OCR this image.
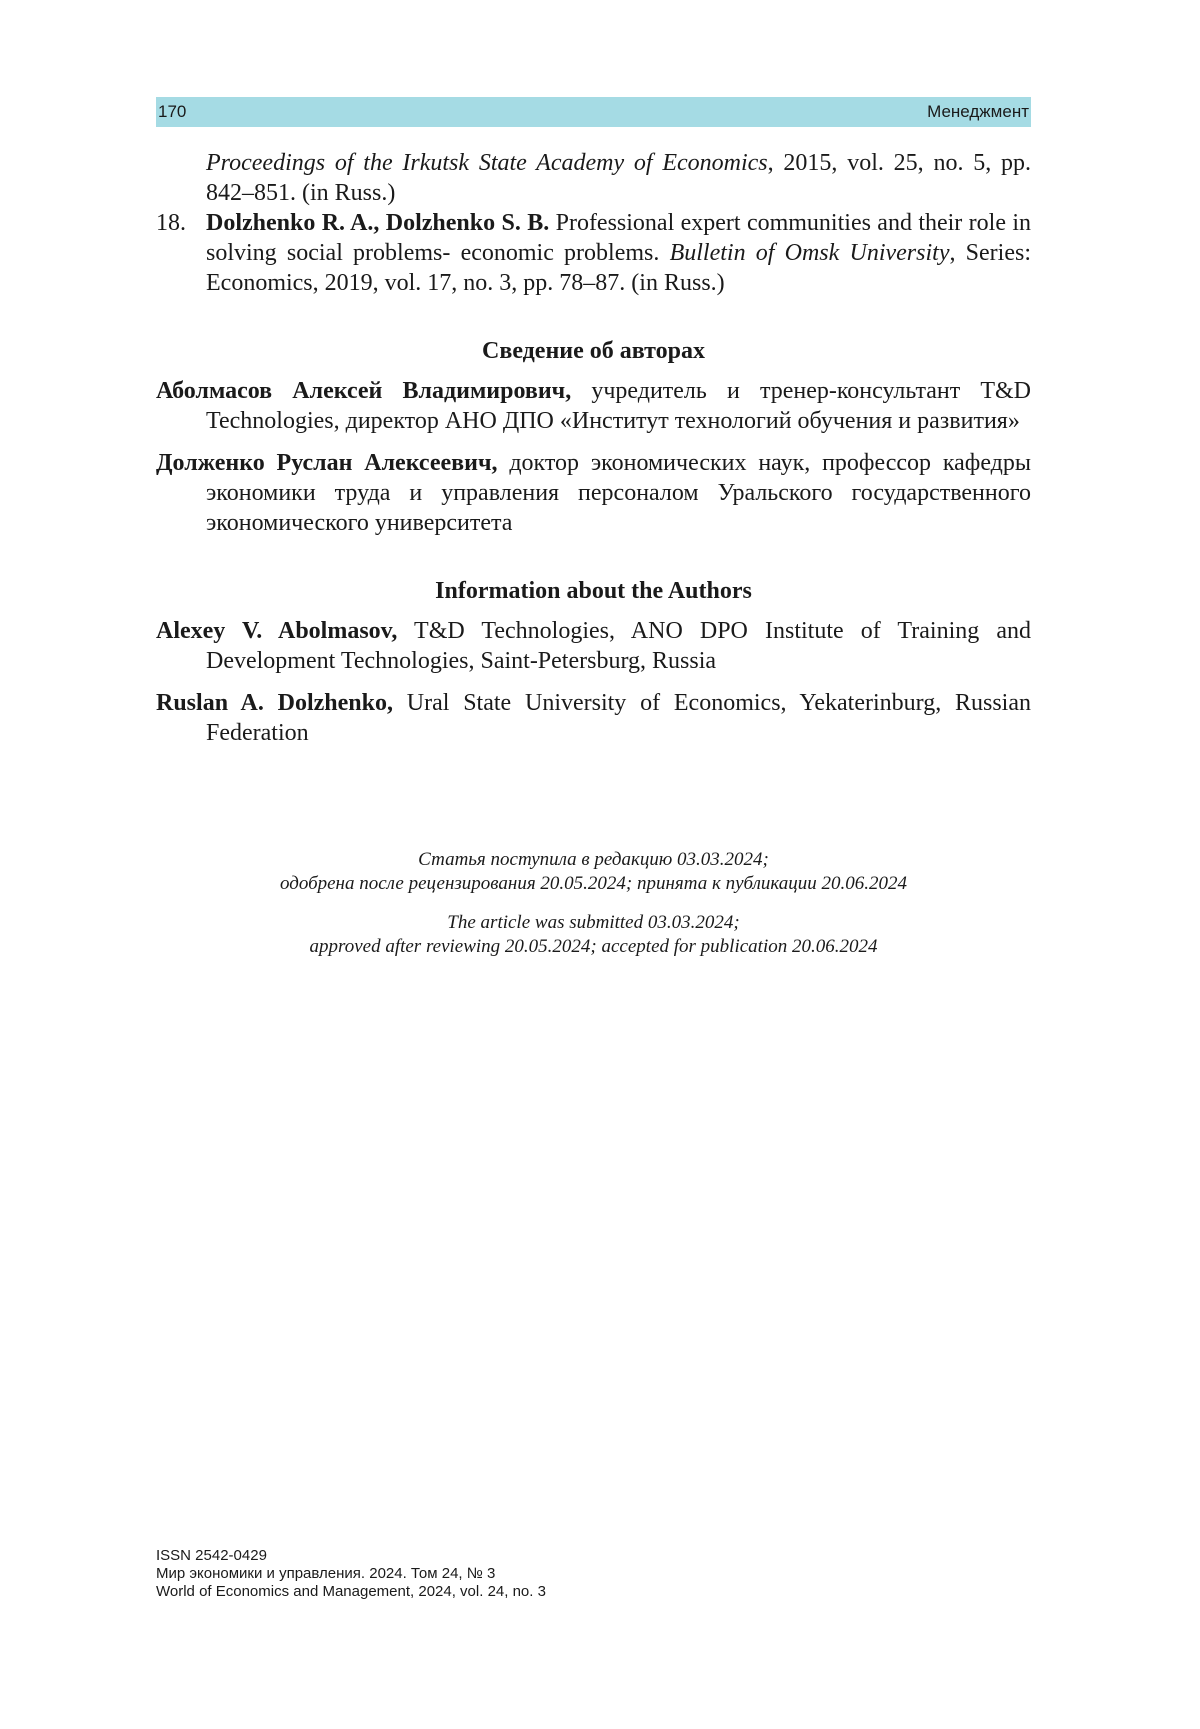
170	Менеджмент

Proceedings of the Irkutsk State Academy of Economics, 2015, vol. 25, no. 5, pp. 842–851. (in Russ.)

18. Dolzhenko R. A., Dolzhenko S. B. Professional expert communities and their role in solving social problems- economic problems. Bulletin of Omsk University, Series: Economics, 2019, vol. 17, no. 3, pp. 78–87. (in Russ.)

Сведение об авторах

Аболмасов Алексей Владимирович, учредитель и тренер-консультант T&D Technologies, директор АНО ДПО «Институт технологий обучения и развития»

Долженко Руслан Алексеевич, доктор экономических наук, профессор кафедры экономики труда и управления персоналом Уральского государственного экономического университета

Information about the Authors

Alexey V. Abolmasov, T&D Technologies, ANO DPO Institute of Training and Development Technologies, Saint-Petersburg, Russia

Ruslan A. Dolzhenko, Ural State University of Economics, Yekaterinburg, Russian Federation

Статья поступила в редакцию 03.03.2024;
одобрена после рецензирования 20.05.2024; принята к публикации 20.06.2024
The article was submitted 03.03.2024;
approved after reviewing 20.05.2024; accepted for publication 20.06.2024
ISSN 2542-0429
Мир экономики и управления. 2024. Том 24, № 3
World of Economics and Management, 2024, vol. 24, no. 3
